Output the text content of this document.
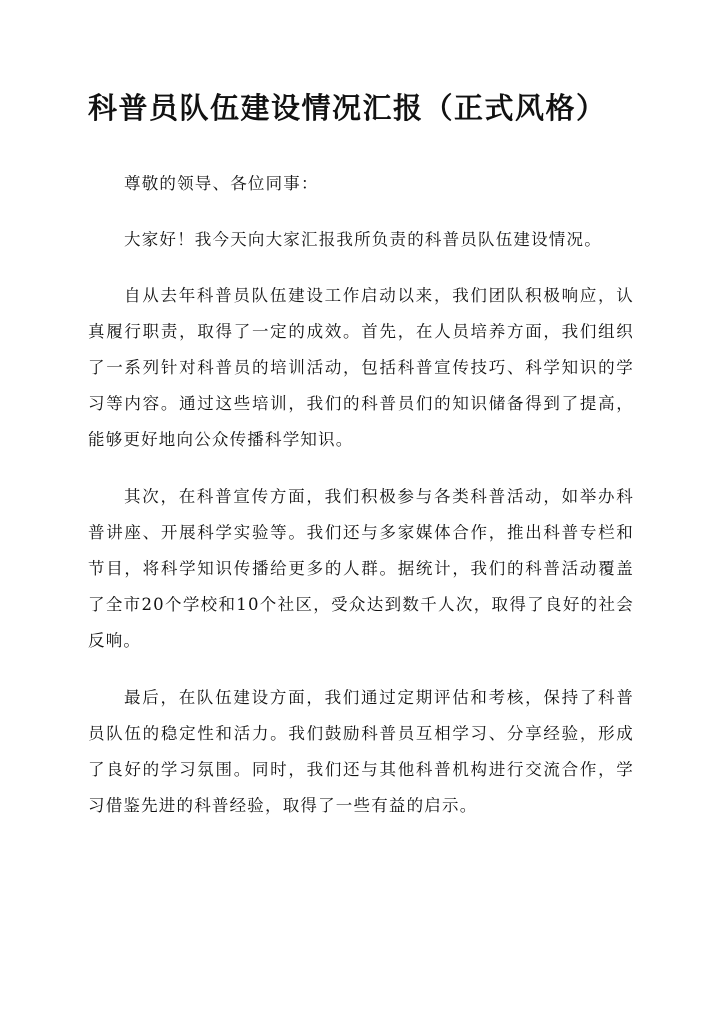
科普员队伍建设情况汇报（正式风格）

尊敬的领导、各位同事：

大家好！我今天向大家汇报我所负责的科普员队伍建设情况。

自从去年科普员队伍建设工作启动以来，我们团队积极响应，认真履行职责，取得了一定的成效。首先，在人员培养方面，我们组织了一系列针对科普员的培训活动，包括科普宣传技巧、科学知识的学习等内容。通过这些培训，我们的科普员们的知识储备得到了提高，能够更好地向公众传播科学知识。

其次，在科普宣传方面，我们积极参与各类科普活动，如举办科普讲座、开展科学实验等。我们还与多家媒体合作，推出科普专栏和节目，将科学知识传播给更多的人群。据统计，我们的科普活动覆盖了全市20个学校和10个社区，受众达到数千人次，取得了良好的社会反响。

最后，在队伍建设方面，我们通过定期评估和考核，保持了科普员队伍的稳定性和活力。我们鼓励科普员互相学习、分享经验，形成了良好的学习氛围。同时，我们还与其他科普机构进行交流合作，学习借鉴先进的科普经验，取得了一些有益的启示。
